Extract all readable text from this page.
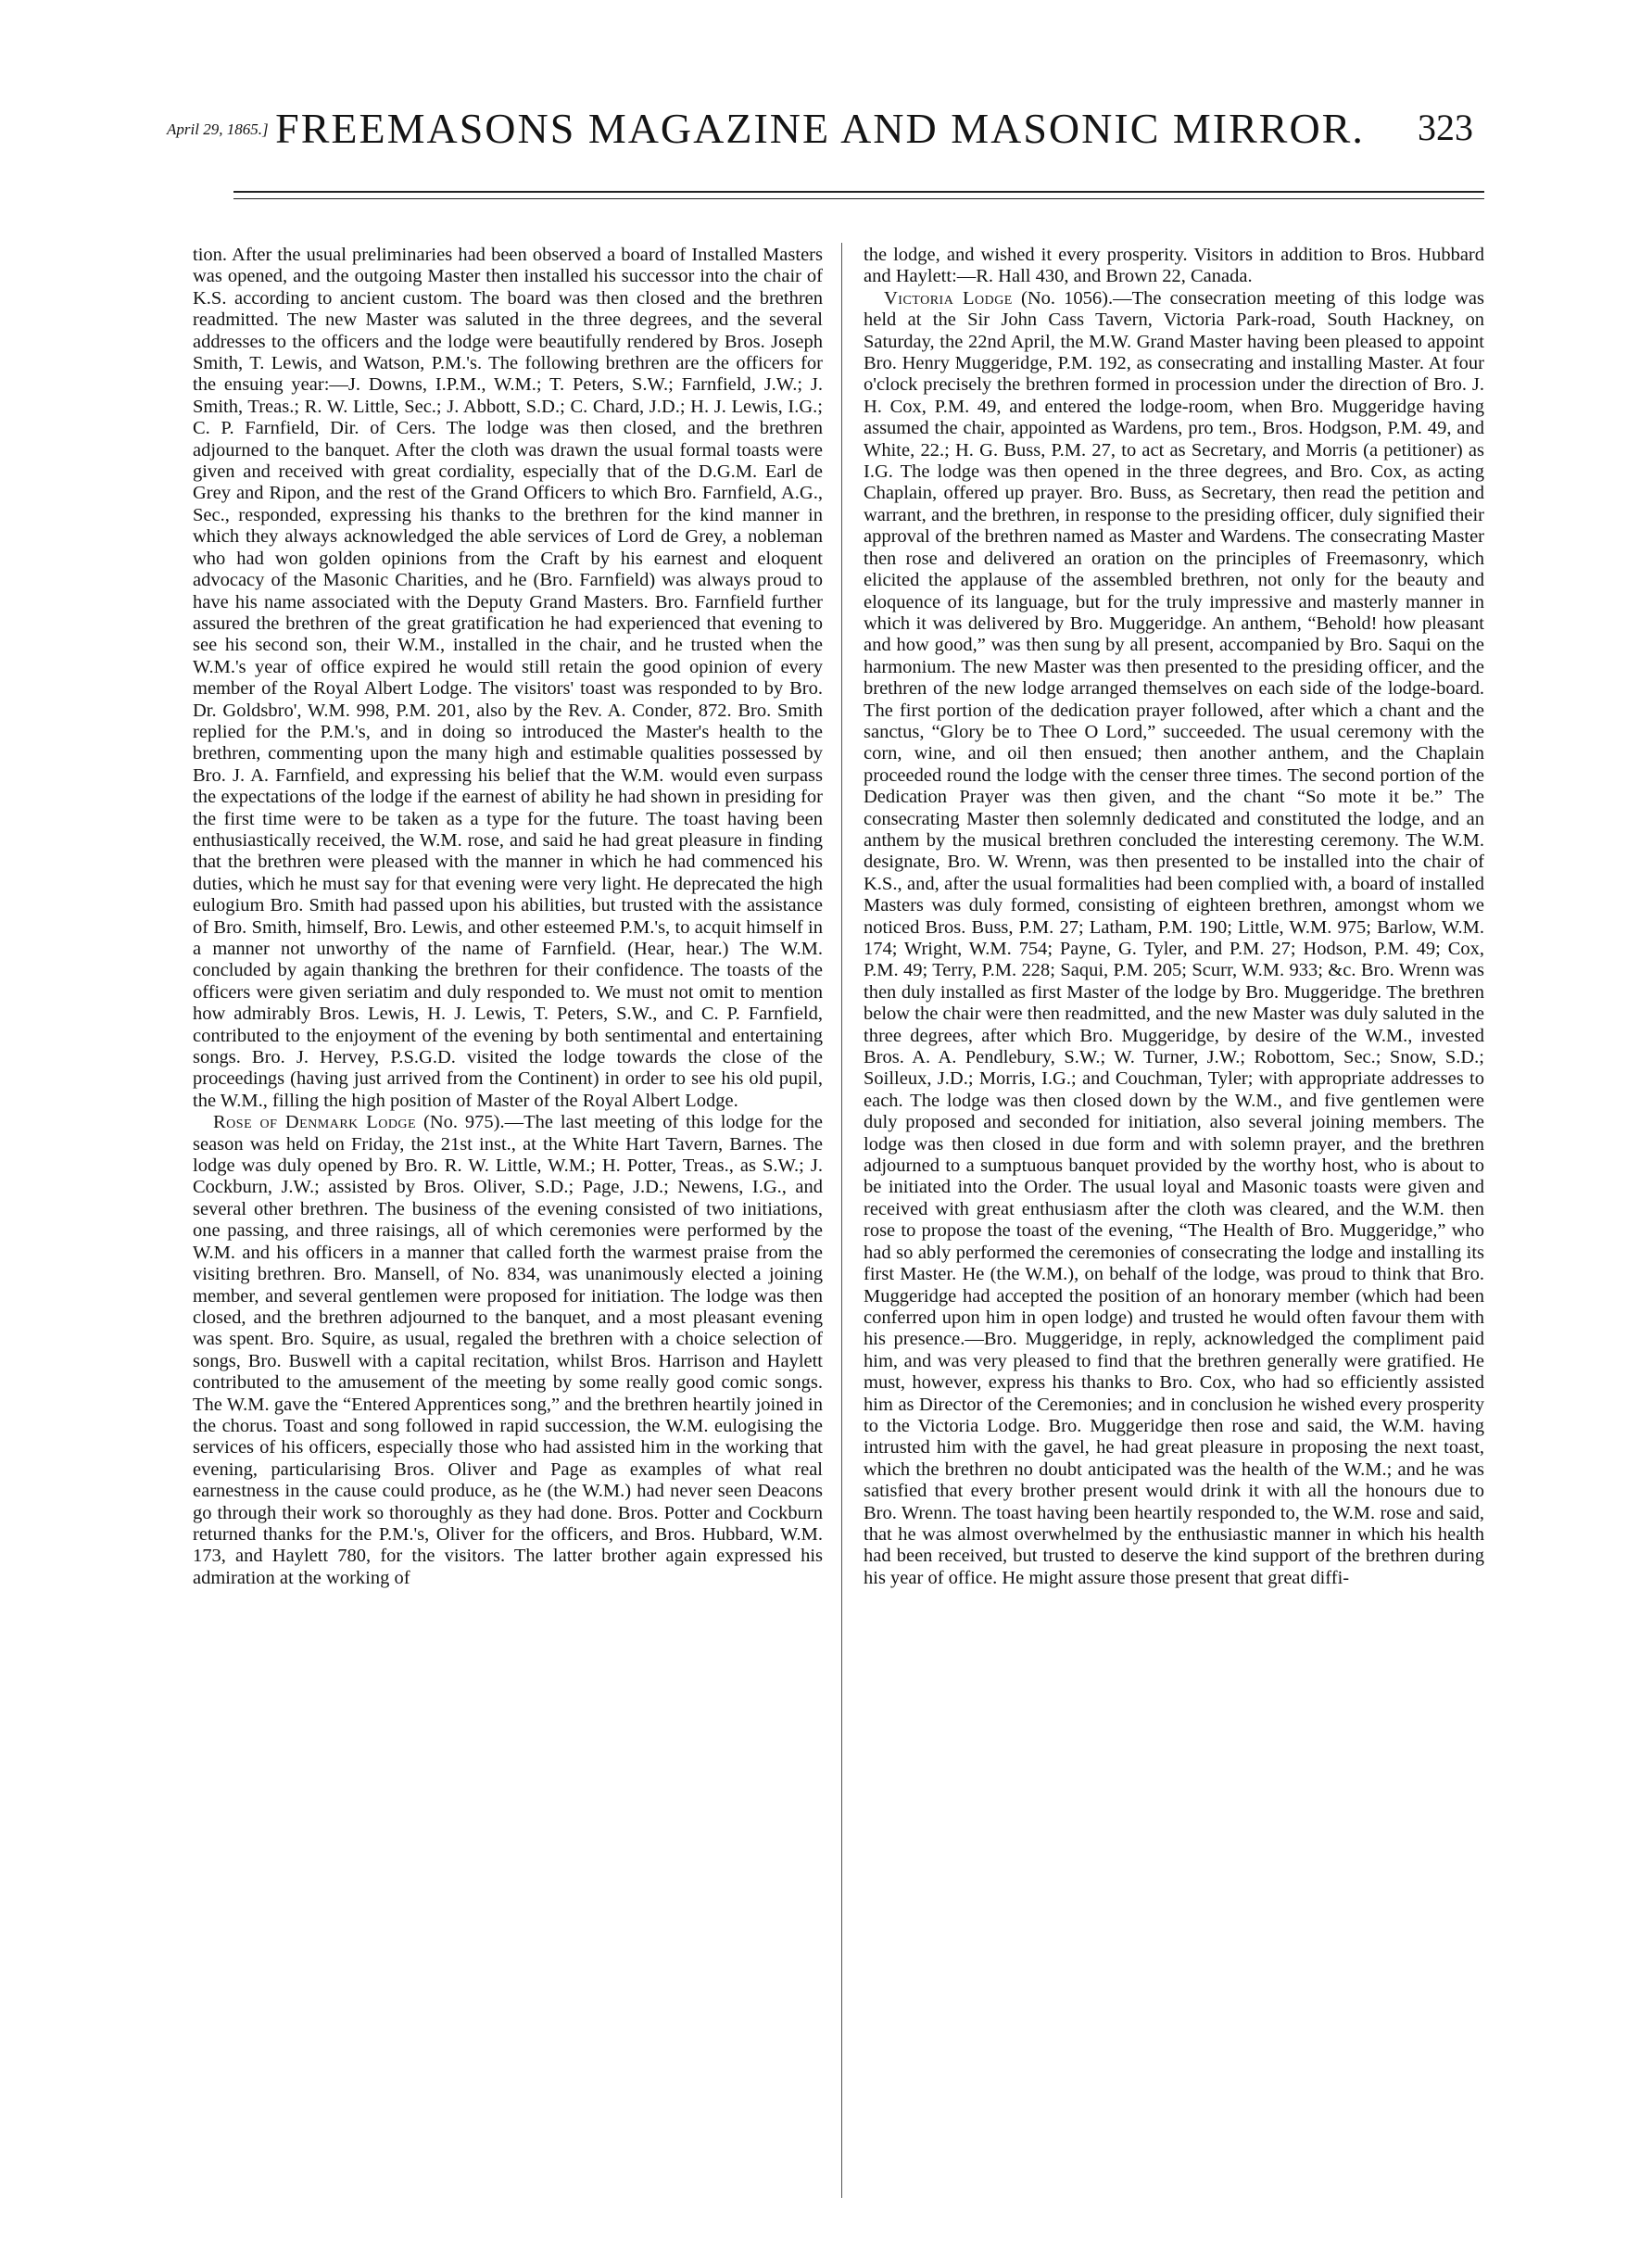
April 29, 1865.] FREEMASONS MAGAZINE AND MASONIC MIRROR.	323

tion. After the usual preliminaries had been observed a board of Installed Masters was opened, and the outgoing Master then installed his successor into the chair of K.S. according to ancient custom. The board was then closed and the brethren readmitted. The new Master was saluted in the three degrees, and the several addresses to the officers and the lodge were beautifully rendered by Bros. Joseph Smith, T. Lewis, and Watson, P.M.'s. The following brethren are the officers for the ensuing year:—J. Downs, I.P.M., W.M.; T. Peters, S.W.; Farnfield, J.W.; J. Smith, Treas.; R. W. Little, Sec.; J. Abbott, S.D.; C. Chard, J.D.; H. J. Lewis, I.G.; C. P. Farnfield, Dir. of Cers. The lodge was then closed, and the brethren adjourned to the banquet. After the cloth was drawn the usual formal toasts were given and received with great cordiality, especially that of the D.G.M. Earl de Grey and Ripon, and the rest of the Grand Officers to which Bro. Farnfield, A.G., Sec., responded, expressing his thanks to the brethren for the kind manner in which they always acknowledged the able services of Lord de Grey, a nobleman who had won golden opinions from the Craft by his earnest and eloquent advocacy of the Masonic Charities, and he (Bro. Farnfield) was always proud to have his name associated with the Deputy Grand Masters. Bro. Farnfield further assured the brethren of the great gratification he had experienced that evening to see his second son, their W.M., installed in the chair, and he trusted when the W.M.'s year of office expired he would still retain the good opinion of every member of the Royal Albert Lodge. The visitors' toast was responded to by Bro. Dr. Goldsbro', W.M. 998, P.M. 201, also by the Rev. A. Conder, 872. Bro. Smith replied for the P.M.'s, and in doing so introduced the Master's health to the brethren, commenting upon the many high and estimable qualities possessed by Bro. J. A. Farnfield, and expressing his belief that the W.M. would even surpass the expectations of the lodge if the earnest of ability he had shown in presiding for the first time were to be taken as a type for the future. The toast having been enthusiastically received, the W.M. rose, and said he had great pleasure in finding that the brethren were pleased with the manner in which he had commenced his duties, which he must say for that evening were very light. He deprecated the high eulogium Bro. Smith had passed upon his abilities, but trusted with the assistance of Bro. Smith, himself, Bro. Lewis, and other esteemed P.M.'s, to acquit himself in a manner not unworthy of the name of Farnfield. (Hear, hear.) The W.M. concluded by again thanking the brethren for their confidence. The toasts of the officers were given seriatim and duly responded to. We must not omit to mention how admirably Bros. Lewis, H. J. Lewis, T. Peters, S.W., and C. P. Farnfield, contributed to the enjoyment of the evening by both sentimental and entertaining songs. Bro. J. Hervey, P.S.G.D. visited the lodge towards the close of the proceedings (having just arrived from the Continent) in order to see his old pupil, the W.M., filling the high position of Master of the Royal Albert Lodge.

Rose of Denmark Lodge (No. 975).—The last meeting of this lodge for the season was held on Friday, the 21st inst., at the White Hart Tavern, Barnes. The lodge was duly opened by Bro. R. W. Little, W.M.; H. Potter, Treas., as S.W.; J. Cockburn, J.W.; assisted by Bros. Oliver, S.D.; Page, J.D.; Newens, I.G., and several other brethren. The business of the evening consisted of two initiations, one passing, and three raisings, all of which ceremonies were performed by the W.M. and his officers in a manner that called forth the warmest praise from the visiting brethren. Bro. Mansell, of No. 834, was unanimously elected a joining member, and several gentlemen were proposed for initiation. The lodge was then closed, and the brethren adjourned to the banquet, and a most pleasant evening was spent. Bro. Squire, as usual, regaled the brethren with a choice selection of songs, Bro. Buswell with a capital recitation, whilst Bros. Harrison and Haylett contributed to the amusement of the meeting by some really good comic songs. The W.M. gave the “Entered Apprentices song,” and the brethren heartily joined in the chorus. Toast and song followed in rapid succession, the W.M. eulogising the services of his officers, especially those who had assisted him in the working that evening, particularising Bros. Oliver and Page as examples of what real earnestness in the cause could produce, as he (the W.M.) had never seen Deacons go through their work so thoroughly as they had done. Bros. Potter and Cockburn returned thanks for the P.M.'s, Oliver for the officers, and Bros. Hubbard, W.M. 173, and Haylett 780, for the visitors. The latter brother again expressed his admiration at the working of

the lodge, and wished it every prosperity. Visitors in addition to Bros. Hubbard and Haylett:—R. Hall 430, and Brown 22, Canada.

Victoria Lodge (No. 1056).—The consecration meeting of this lodge was held at the Sir John Cass Tavern, Victoria Park-road, South Hackney, on Saturday, the 22nd April, the M.W. Grand Master having been pleased to appoint Bro. Henry Muggeridge, P.M. 192, as consecrating and installing Master. At four o'clock precisely the brethren formed in procession under the direction of Bro. J. H. Cox, P.M. 49, and entered the lodge-room, when Bro. Muggeridge having assumed the chair, appointed as Wardens, pro tem., Bros. Hodgson, P.M. 49, and White, 22.; H. G. Buss, P.M. 27, to act as Secretary, and Morris (a petitioner) as I.G. The lodge was then opened in the three degrees, and Bro. Cox, as acting Chaplain, offered up prayer. Bro. Buss, as Secretary, then read the petition and warrant, and the brethren, in response to the presiding officer, duly signified their approval of the brethren named as Master and Wardens. The consecrating Master then rose and delivered an oration on the principles of Freemasonry, which elicited the applause of the assembled brethren, not only for the beauty and eloquence of its language, but for the truly impressive and masterly manner in which it was delivered by Bro. Muggeridge. An anthem, “Behold! how pleasant and how good,” was then sung by all present, accompanied by Bro. Saqui on the harmonium. The new Master was then presented to the presiding officer, and the brethren of the new lodge arranged themselves on each side of the lodge-board. The first portion of the dedication prayer followed, after which a chant and the sanctus, “Glory be to Thee O Lord,” succeeded. The usual ceremony with the corn, wine, and oil then ensued; then another anthem, and the Chaplain proceeded round the lodge with the censer three times. The second portion of the Dedication Prayer was then given, and the chant “So mote it be.” The consecrating Master then solemnly dedicated and constituted the lodge, and an anthem by the musical brethren concluded the interesting ceremony. The W.M. designate, Bro. W. Wrenn, was then presented to be installed into the chair of K.S., and, after the usual formalities had been complied with, a board of installed Masters was duly formed, consisting of eighteen brethren, amongst whom we noticed Bros. Buss, P.M. 27; Latham, P.M. 190; Little, W.M. 975; Barlow, W.M. 174; Wright, W.M. 754; Payne, G. Tyler, and P.M. 27; Hodson, P.M. 49; Cox, P.M. 49; Terry, P.M. 228; Saqui, P.M. 205; Scurr, W.M. 933; &c. Bro. Wrenn was then duly installed as first Master of the lodge by Bro. Muggeridge. The brethren below the chair were then readmitted, and the new Master was duly saluted in the three degrees, after which Bro. Muggeridge, by desire of the W.M., invested Bros. A. A. Pendlebury, S.W.; W. Turner, J.W.; Robottom, Sec.; Snow, S.D.; Soilleux, J.D.; Morris, I.G.; and Couchman, Tyler; with appropriate addresses to each. The lodge was then closed down by the W.M., and five gentlemen were duly proposed and seconded for initiation, also several joining members. The lodge was then closed in due form and with solemn prayer, and the brethren adjourned to a sumptuous banquet provided by the worthy host, who is about to be initiated into the Order. The usual loyal and Masonic toasts were given and received with great enthusiasm after the cloth was cleared, and the W.M. then rose to propose the toast of the evening, “The Health of Bro. Muggeridge,” who had so ably performed the ceremonies of consecrating the lodge and installing its first Master. He (the W.M.), on behalf of the lodge, was proud to think that Bro. Muggeridge had accepted the position of an honorary member (which had been conferred upon him in open lodge) and trusted he would often favour them with his presence.—Bro. Muggeridge, in reply, acknowledged the compliment paid him, and was very pleased to find that the brethren generally were gratified. He must, however, express his thanks to Bro. Cox, who had so efficiently assisted him as Director of the Ceremonies; and in conclusion he wished every prosperity to the Victoria Lodge. Bro. Muggeridge then rose and said, the W.M. having intrusted him with the gavel, he had great pleasure in proposing the next toast, which the brethren no doubt anticipated was the health of the W.M.; and he was satisfied that every brother present would drink it with all the honours due to Bro. Wrenn. The toast having been heartily responded to, the W.M. rose and said, that he was almost overwhelmed by the enthusiastic manner in which his health had been received, but trusted to deserve the kind support of the brethren during his year of office. He might assure those present that great diffi-
